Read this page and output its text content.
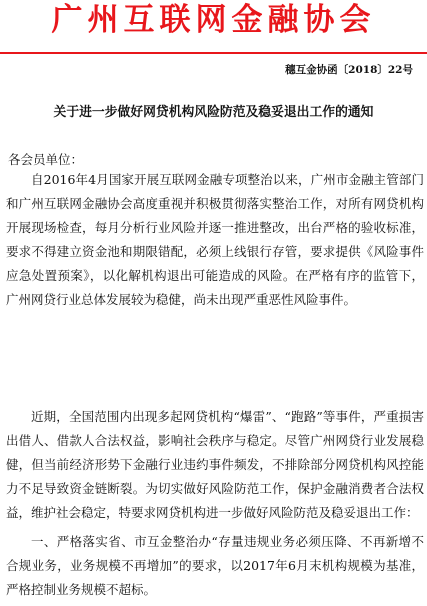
广州互联网金融协会
穗互金协函〔2018〕22号
关于进一步做好网贷机构风险防范及稳妥退出工作的通知
各会员单位：

自2016年4月国家开展互联网金融专项整治以来，广州市金融主管部门和广州互联网金融协会高度重视并积极贯彻落实整治工作，对所有网贷机构开展现场检查，每月分析行业风险并逐一推进整改，出台严格的验收标准，要求不得建立资金池和期限错配，必须上线银行存管，要求提供《风险事件应急处置预案》，以化解机构退出可能造成的风险。在严格有序的监管下，广州网贷行业总体发展较为稳健，尚未出现严重恶性风险事件。

近期，全国范围内出现多起网贷机构“爆雷”、“跑路”等事件，严重损害出借人、借款人合法权益，影响社会秩序与稳定。尽管广州网贷行业发展稳健，但当前经济形势下金融行业违约事件频发，不排除部分网贷机构风控能力不足导致资金链断裂。为切实做好风险防范工作，保护金融消费者合法权益，维护社会稳定，特要求网贷机构进一步做好风险防范及稳妥退出工作：

一、严格落实省、市互金整治办“存量违规业务必须压降、不再新增不合规业务，业务规模不再增加”的要求，以2017年6月末机构规模为基准，严格控制业务规模不超标。
